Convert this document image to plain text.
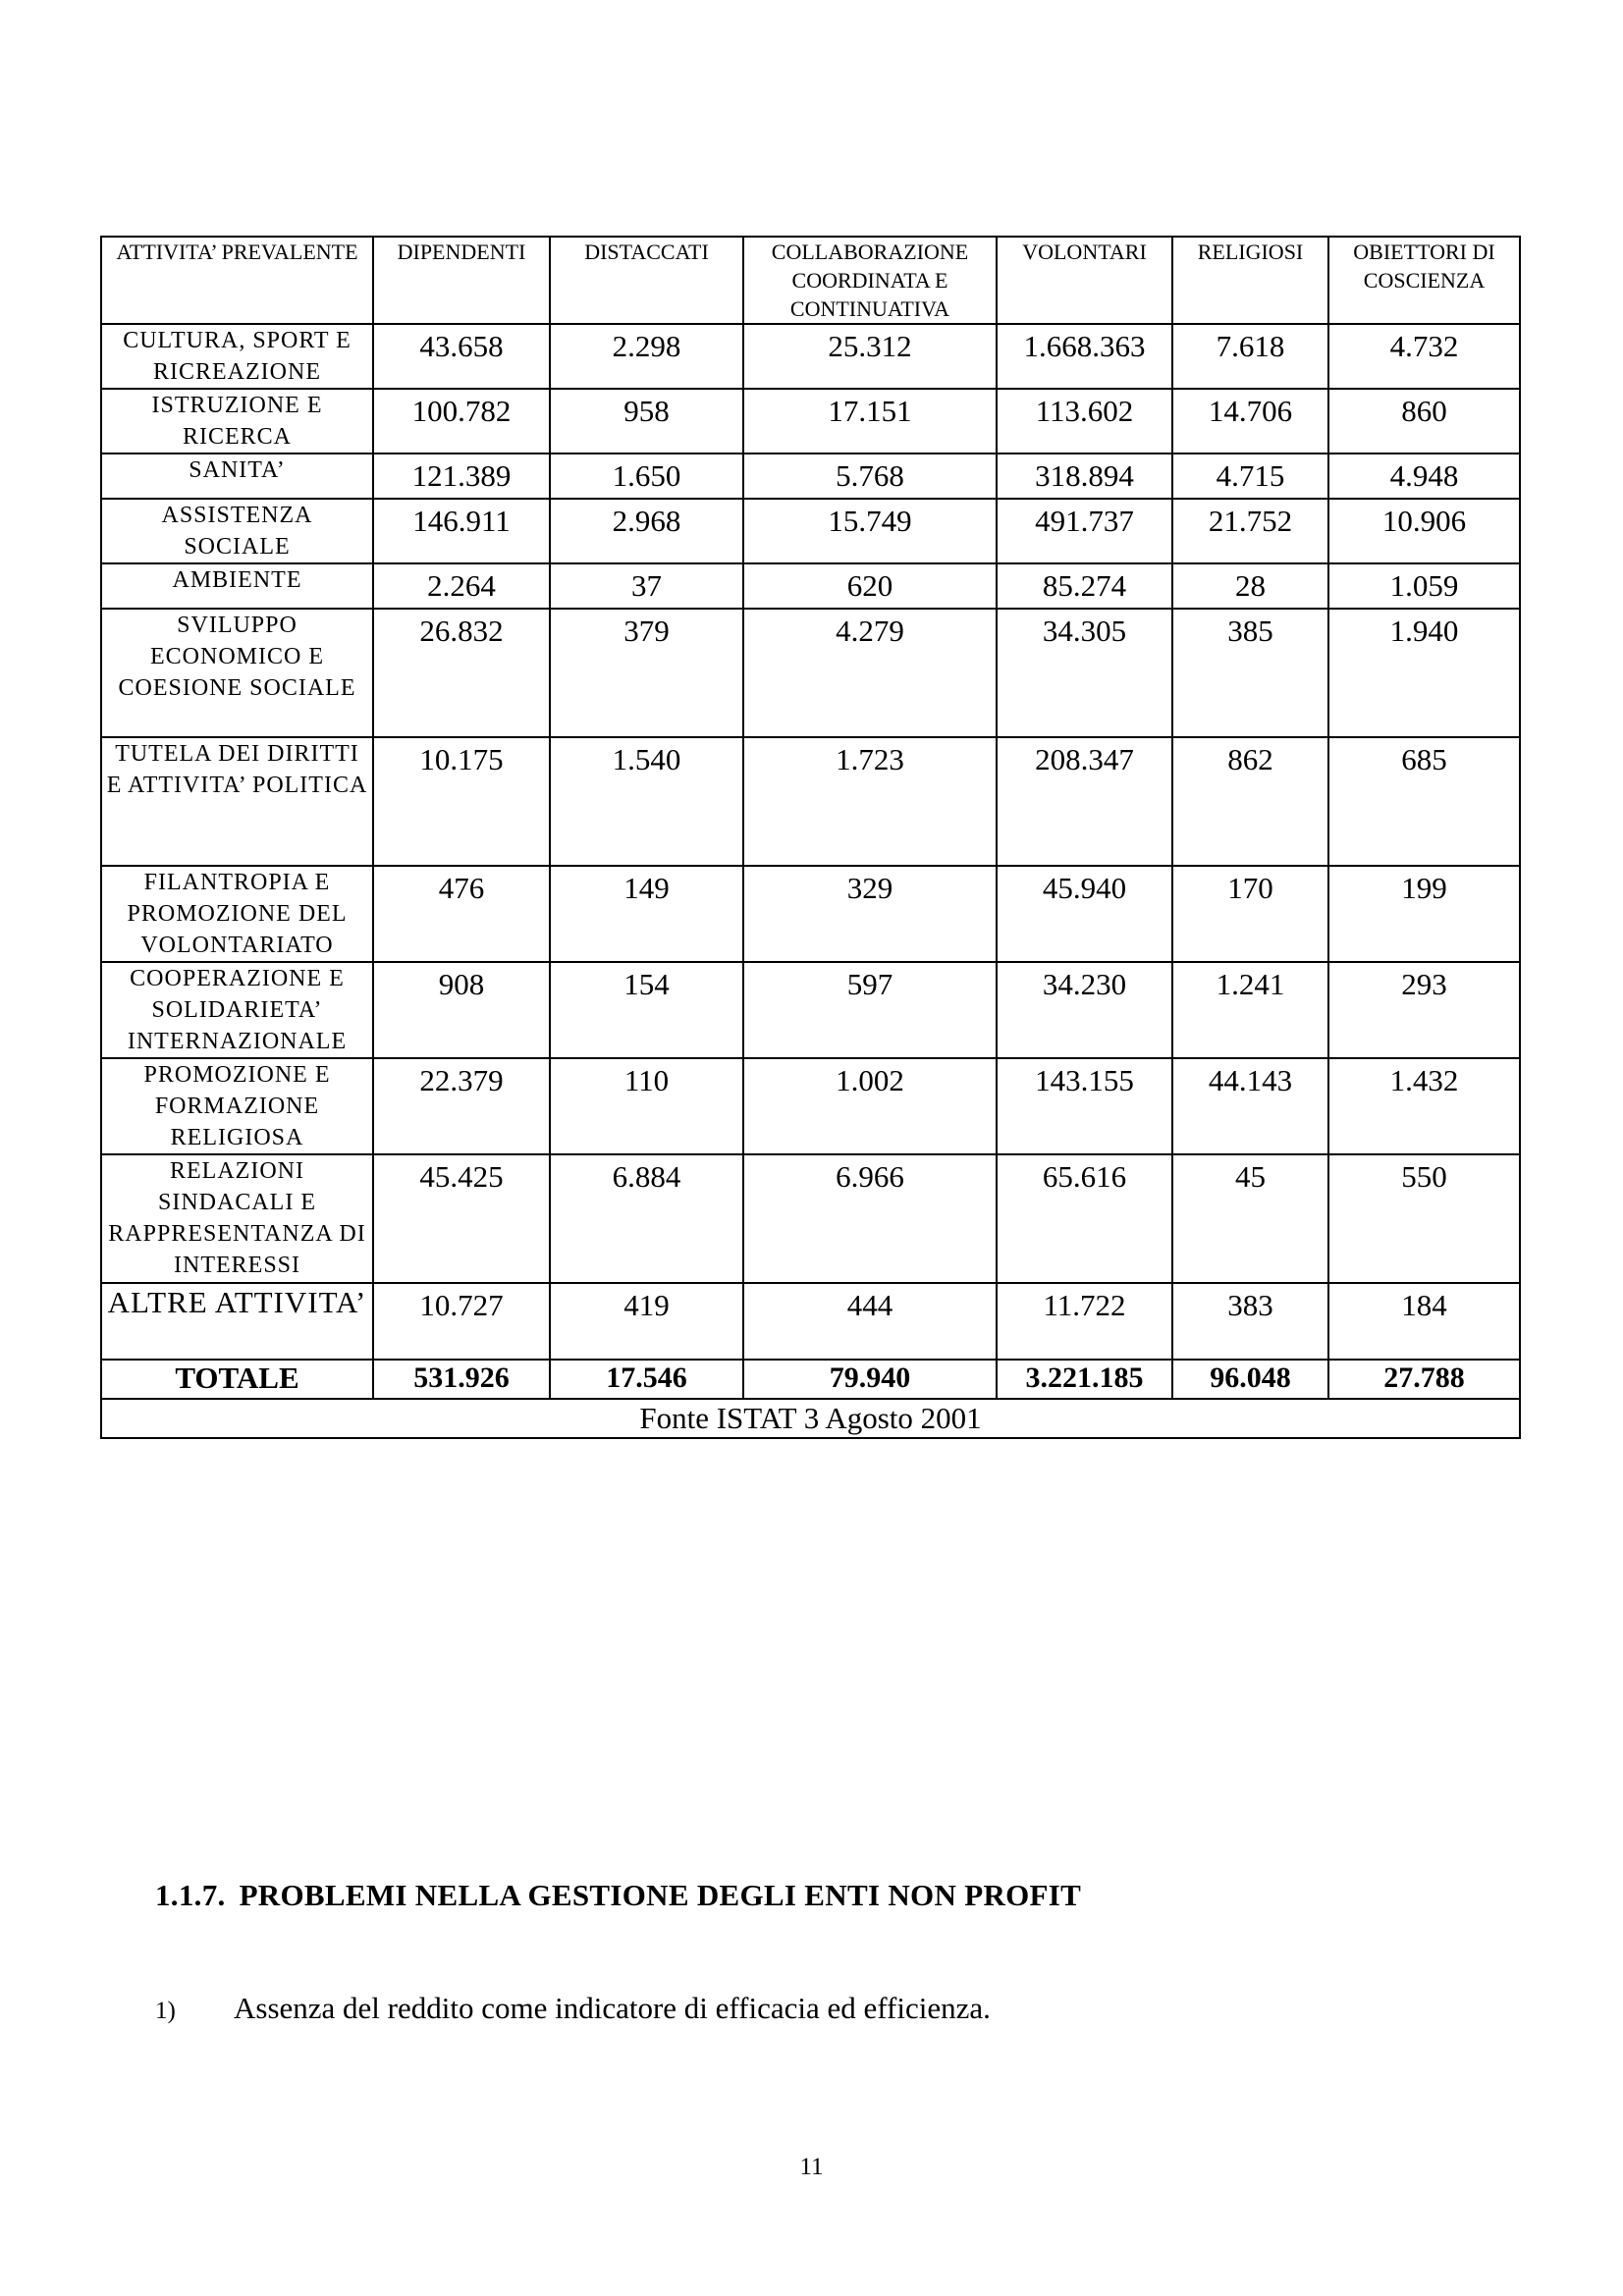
ATTIVITA’ PREVALENTE	DIPENDENTI	DISTACCATI	COLLABORAZIONE COORDINATA E CONTINUATIVA	VOLONTARI	RELIGIOSI	OBIETTORI DI COSCIENZA
CULTURA, SPORT E RICREAZIONE	43.658	2.298	25.312	1.668.363	7.618	4.732
ISTRUZIONE E RICERCA	100.782	958	17.151	113.602	14.706	860
SANITA’	121.389	1.650	5.768	318.894	4.715	4.948
ASSISTENZA SOCIALE	146.911	2.968	15.749	491.737	21.752	10.906
AMBIENTE	2.264	37	620	85.274	28	1.059
SVILUPPO ECONOMICO E COESIONE SOCIALE	26.832	379	4.279	34.305	385	1.940
TUTELA DEI DIRITTI E ATTIVITA’ POLITICA	10.175	1.540	1.723	208.347	862	685
FILANTROPIA E PROMOZIONE DEL VOLONTARIATO	476	149	329	45.940	170	199
COOPERAZIONE E SOLIDARIETA’ INTERNAZIONALE	908	154	597	34.230	1.241	293
PROMOZIONE E FORMAZIONE RELIGIOSA	22.379	110	1.002	143.155	44.143	1.432
RELAZIONI SINDACALI E RAPPRESENTANZA DI INTERESSI	45.425	6.884	6.966	65.616	45	550
ALTRE ATTIVITA’	10.727	419	444	11.722	383	184
TOTALE	531.926	17.546	79.940	3.221.185	96.048	27.788
Fonte ISTAT 3 Agosto 2001						
1.1.7. PROBLEMI NELLA GESTIONE DEGLI ENTI NON PROFIT
1) Assenza del reddito come indicatore di efficacia ed efficienza.
11
